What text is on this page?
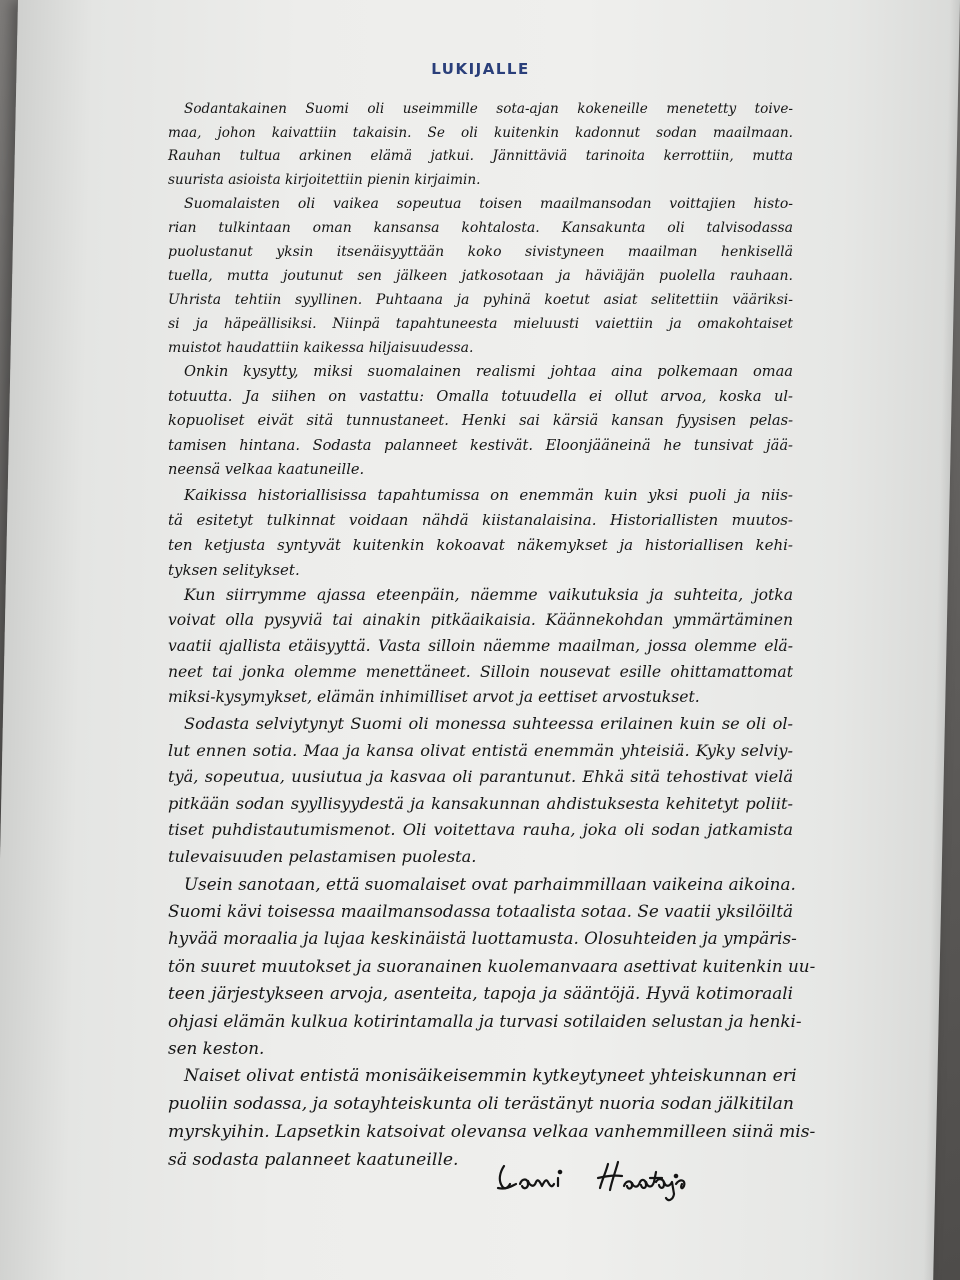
LUKIJALLE
Sodantakainen Suomi oli useimmille sota-ajan kokeneille menetetty toive-
maa, johon kaivattiin takaisin. Se oli kuitenkin kadonnut sodan maailmaan.
Rauhan tultua arkinen elämä jatkui. Jännittäviä tarinoita kerrottiin, mutta
suurista asioista kirjoitettiin pienin kirjaimin.
Suomalaisten oli vaikea sopeutua toisen maailmansodan voittajien histo-
rian tulkintaan oman kansansa kohtalosta. Kansakunta oli talvisodassa
puolustanut yksin itsenäisyyttään koko sivistyneen maailman henkisellä
tuella, mutta joutunut sen jälkeen jatkosotaan ja häviäjän puolella rauhaan.
Uhrista tehtiin syyllinen. Puhtaana ja pyhinä koetut asiat selitettiin vääriksi-
si ja häpeällisiksi. Niinpä tapahtuneesta mieluusti vaiettiin ja omakohtaiset
muistot haudattiin kaikessa hiljaisuudessa.
Onkin kysytty, miksi suomalainen realismi johtaa aina polkemaan omaa
totuutta. Ja siihen on vastattu: Omalla totuudella ei ollut arvoa, koska ul-
kopuoliset eivät sitä tunnustaneet. Henki sai kärsiä kansan fyysisen pelas-
tamisen hintana. Sodasta palanneet kestivät. Eloonjääneinä he tunsivat jää-
neensä velkaa kaatuneille.
Kaikissa historiallisissa tapahtumissa on enemmän kuin yksi puoli ja niis-
tä esitetyt tulkinnat voidaan nähdä kiistanalaisina. Historiallisten muutos-
ten ketjusta syntyvät kuitenkin kokoavat näkemykset ja historiallisen kehi-
tyksen selitykset.
Kun siirrymme ajassa eteenpäin, näemme vaikutuksia ja suhteita, jotka
voivat olla pysyviä tai ainakin pitkäaikaisia. Käännekohdan ymmärtäminen
vaatii ajallista etäisyyttä. Vasta silloin näemme maailman, jossa olemme elä-
neet tai jonka olemme menettäneet. Silloin nousevat esille ohittamattomat
miksi-kysymykset, elämän inhimilliset arvot ja eettiset arvostukset.
Sodasta selviytynyt Suomi oli monessa suhteessa erilainen kuin se oli ol-
lut ennen sotia. Maa ja kansa olivat entistä enemmän yhteisiä. Kyky selviy-
tyä, sopeutua, uusiutua ja kasvaa oli parantunut. Ehkä sitä tehostivat vielä
pitkään sodan syyllisyydestä ja kansakunnan ahdistuksesta kehitetyt poliit-
tiset puhdistautumismenot. Oli voitettava rauha, joka oli sodan jatkamista
tulevaisuuden pelastamisen puolesta.
Usein sanotaan, että suomalaiset ovat parhaimmillaan vaikeina aikoina.
Suomi kävi toisessa maailmansodassa totaalista sotaa. Se vaatii yksilöiltä
hyvää moraalia ja lujaa keskinäistä luottamusta. Olosuhteiden ja ympäris-
tön suuret muutokset ja suoranainen kuolemanvaara asettivat kuitenkin uu-
teen järjestykseen arvoja, asenteita, tapoja ja sääntöjä. Hyvä kotimoraali
ohjasi elämän kulkua kotirintamalla ja turvasi sotilaiden selustan ja henki-
sen keston.
Naiset olivat entistä monisäikeisemmin kytkeytyneet yhteiskunnan eri
puoliin sodassa, ja sotayhteiskunta oli terästänyt nuoria sodan jälkitilan
myrskyihin. Lapsetkin katsoivat olevansa velkaa vanhemmilleen siinä mis-
sä sodasta palanneet kaatuneille.
